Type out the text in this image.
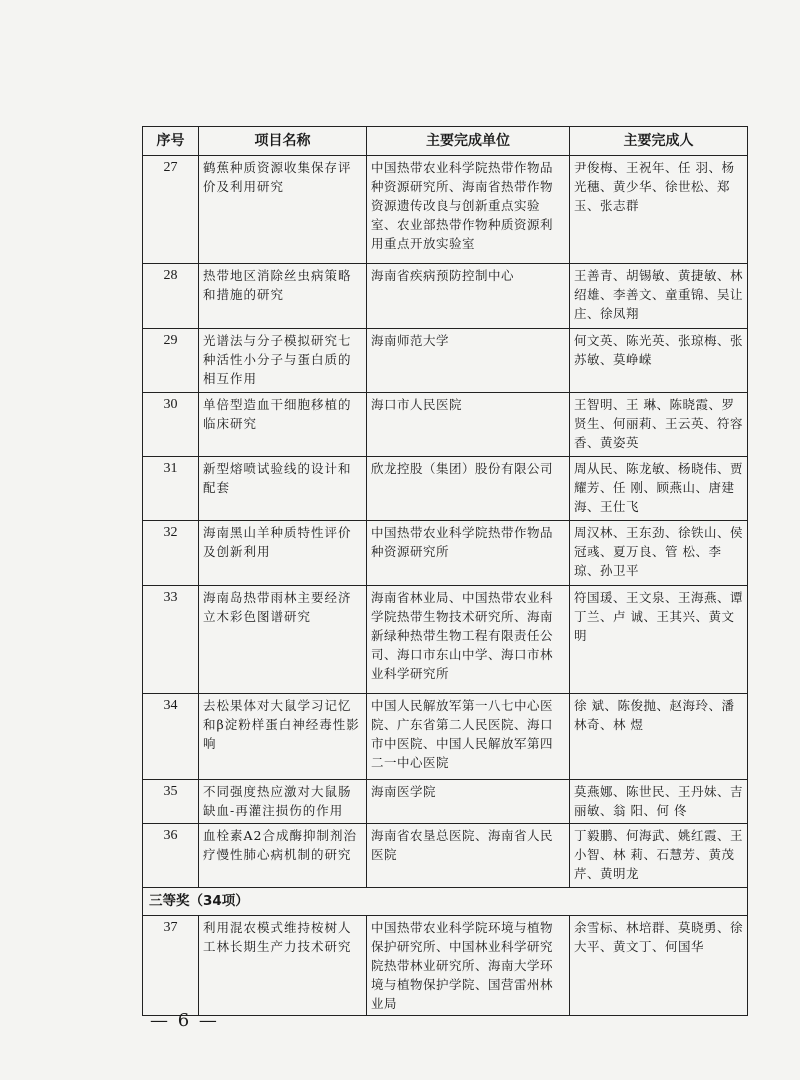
序号	项目名称	主要完成单位	主要完成人
27	鹤蕉种质资源收集保存评价及利用研究	中国热带农业科学院热带作物品种资源研究所、海南省热带作物资源遗传改良与创新重点实验室、农业部热带作物种质资源利用重点开放实验室	尹俊梅、王祝年、任 羽、杨光穗、黄少华、徐世松、郑 玉、张志群
28	热带地区消除丝虫病策略和措施的研究	海南省疾病预防控制中心	王善青、胡锡敏、黄捷敏、林绍雄、李善文、童重锦、吴让庄、徐凤翔
29	光谱法与分子模拟研究七种活性小分子与蛋白质的相互作用	海南师范大学	何文英、陈光英、张琼梅、张苏敏、莫峥嵘
30	单倍型造血干细胞移植的临床研究	海口市人民医院	王智明、王 琳、陈晓霞、罗贤生、何丽莉、王云英、符容香、黄姿英
31	新型熔喷试验线的设计和配套	欣龙控股（集团）股份有限公司	周从民、陈龙敏、杨晓伟、贾耀芳、任 刚、顾燕山、唐建海、王仕飞
32	海南黑山羊种质特性评价及创新利用	中国热带农业科学院热带作物品种资源研究所	周汉林、王东劲、徐铁山、侯冠彧、夏万良、管 松、李 琼、孙卫平
33	海南岛热带雨林主要经济立木彩色图谱研究	海南省林业局、中国热带农业科学院热带生物技术研究所、海南新绿种热带生物工程有限责任公司、海口市东山中学、海口市林业科学研究所	符国瑗、王文泉、王海燕、谭丁兰、卢 诚、王其兴、黄文明
34	去松果体对大鼠学习记忆和β淀粉样蛋白神经毒性影响	中国人民解放军第一八七中心医院、广东省第二人民医院、海口市中医院、中国人民解放军第四二一中心医院	徐 斌、陈俊抛、赵海玲、潘林奇、林 煜
35	不同强度热应激对大鼠肠缺血-再灌注损伤的作用	海南医学院	莫燕娜、陈世民、王丹妹、吉丽敏、翁 阳、何 佟
36	血栓素A2合成酶抑制剂治疗慢性肺心病机制的研究	海南省农垦总医院、海南省人民医院	丁毅鹏、何海武、姚红霞、王小智、林 莉、石慧芳、黄茂芹、黄明龙
三等奖（34项）			
37	利用混农模式维持桉树人工林长期生产力技术研究	中国热带农业科学院环境与植物保护研究所、中国林业科学研究院热带林业研究所、海南大学环境与植物保护学院、国营雷州林业局	余雪标、林培群、莫晓勇、徐大平、黄文丁、何国华
— 6 —
